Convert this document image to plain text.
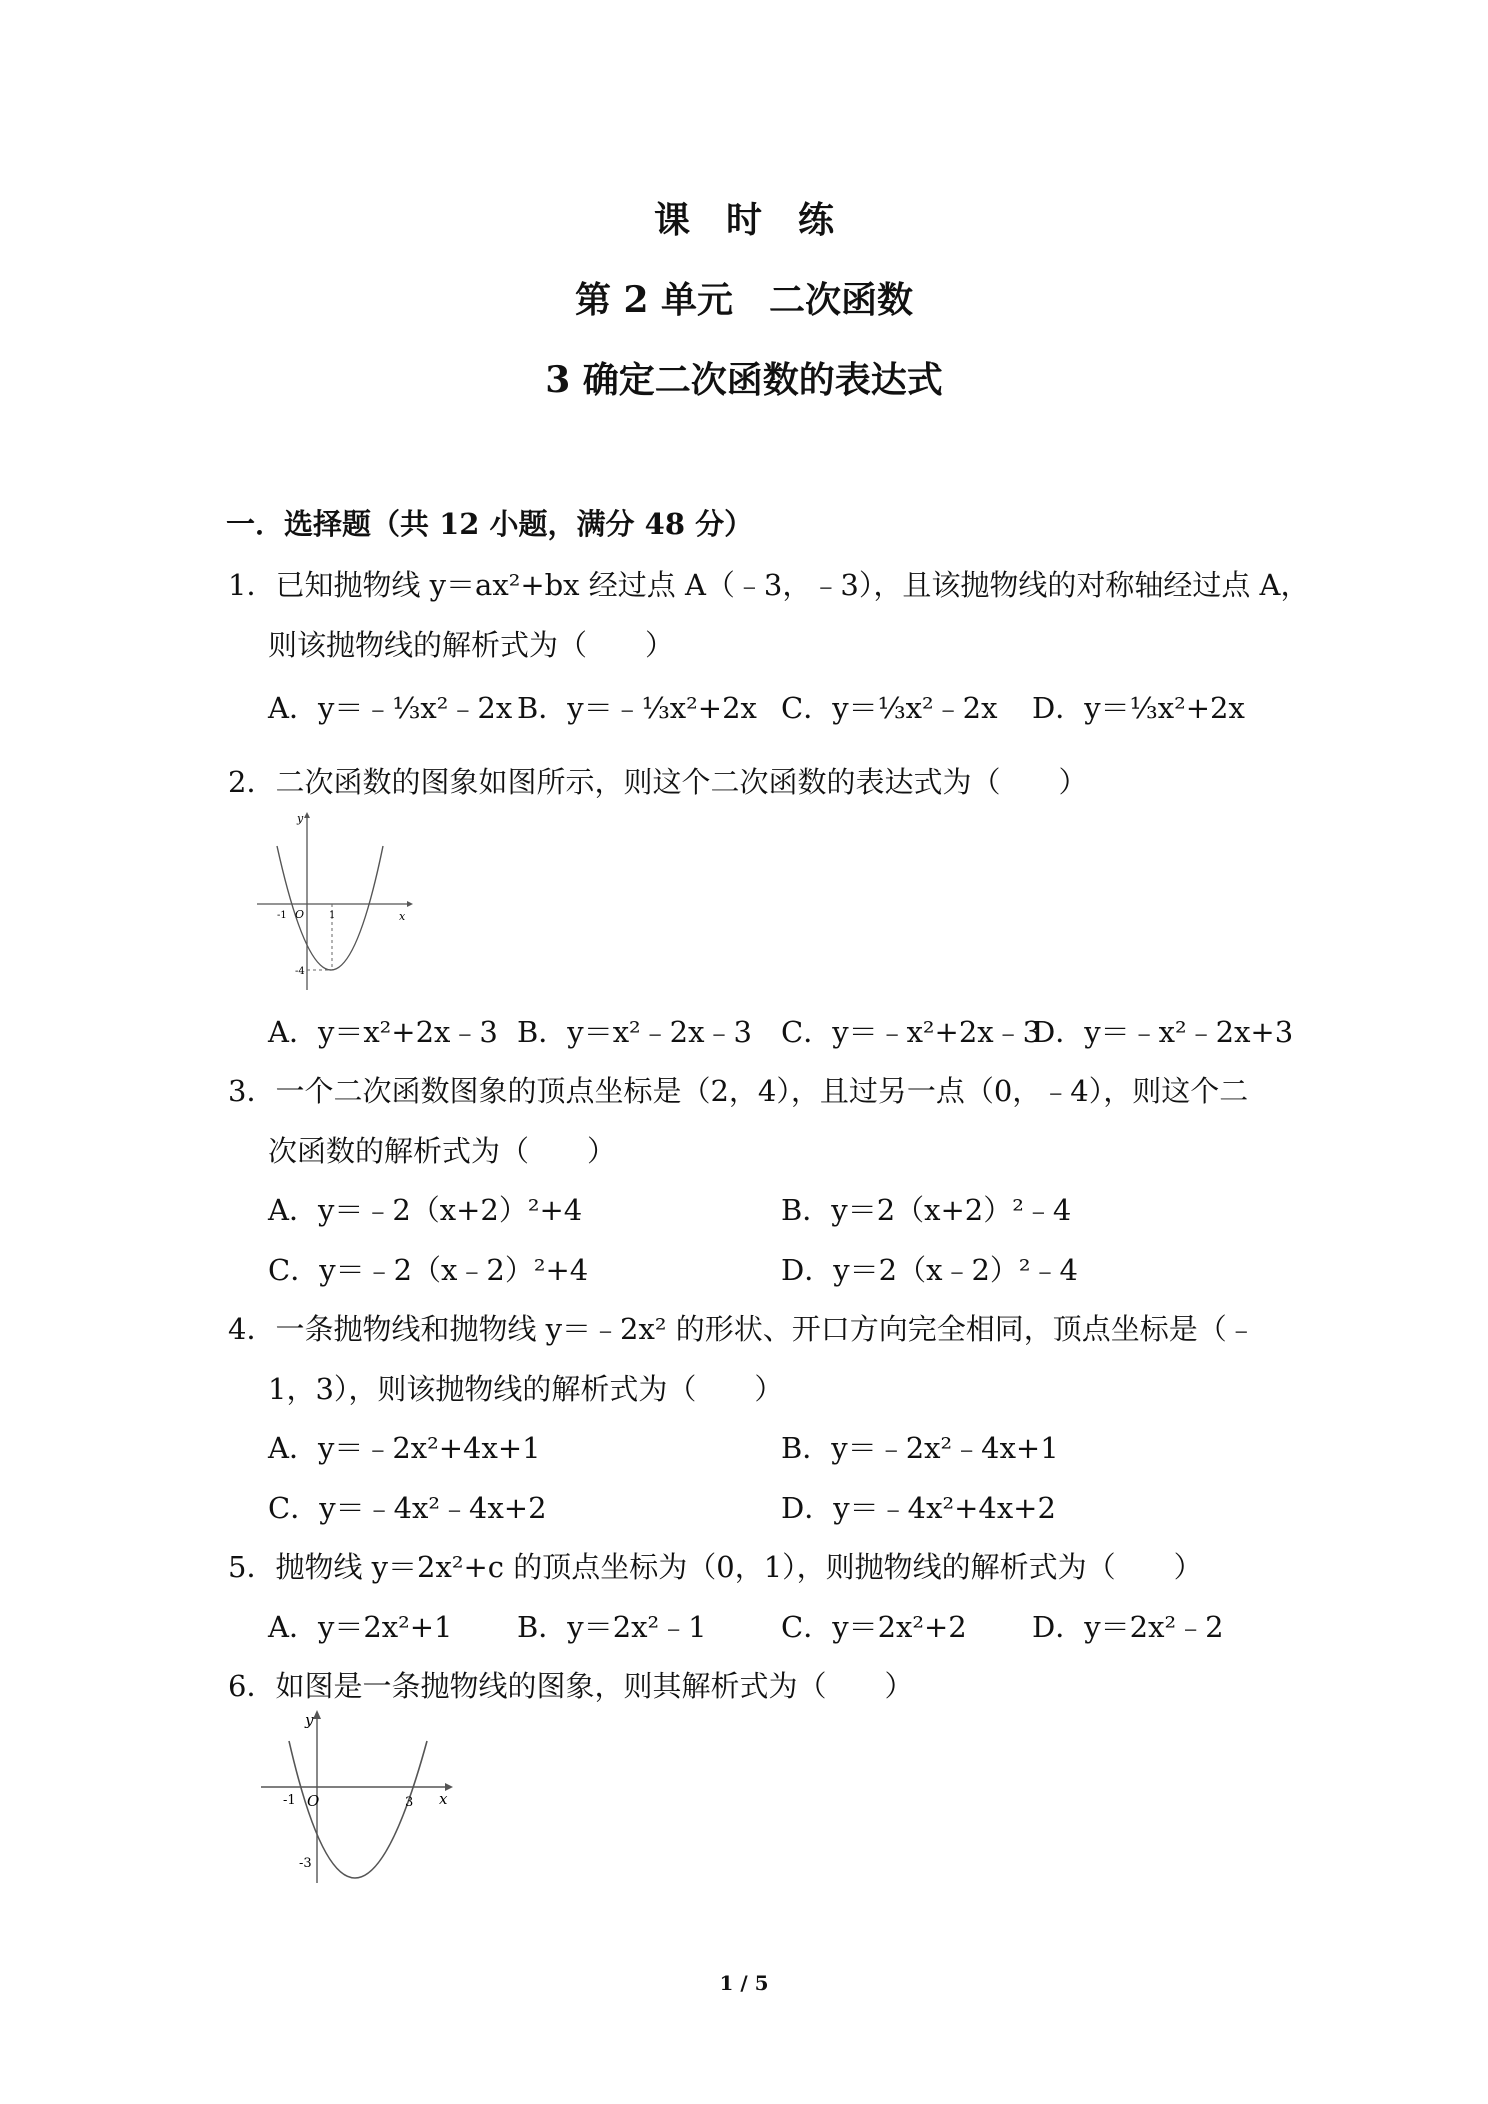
课　时　练
第 2 单元　二次函数
3 确定二次函数的表达式
一．选择题（共 12 小题，满分 48 分）
1．已知抛物线 y＝ax²+bx 经过点 A（﹣3，﹣3），且该抛物线的对称轴经过点 A，
则该抛物线的解析式为（　　）
A．y＝﹣⅓x²﹣2x B．y＝﹣⅓x²+2x C．y＝⅓x²﹣2x D．y＝⅓x²+2x
2．二次函数的图象如图所示，则这个二次函数的表达式为（　　）
y
x
O
-1	1
-4
A．y＝x²+2x﹣3 B．y＝x²﹣2x﹣3 C．y＝﹣x²+2x﹣3
D．y＝﹣x²﹣2x+3
3．一个二次函数图象的顶点坐标是（2，4），且过另一点（0，﹣4），则这个二
次函数的解析式为（　　）
A．y＝﹣2（x+2）²+4	B．y＝2（x+2）²﹣4
C．y＝﹣2（x﹣2）²+4	D．y＝2（x﹣2）²﹣4
4．一条抛物线和抛物线 y＝﹣2x² 的形状、开口方向完全相同，顶点坐标是（﹣
1，3），则该抛物线的解析式为（　　）
A．y＝﹣2x²+4x+1	B．y＝﹣2x²﹣4x+1
C．y＝﹣4x²﹣4x+2	D．y＝﹣4x²+4x+2
5．抛物线 y＝2x²+c 的顶点坐标为（0，1），则抛物线的解析式为（　　）
A．y＝2x²+1 B．y＝2x²﹣1	C．y＝2x²+2 D．y＝2x²﹣2
6．如图是一条抛物线的图象，则其解析式为（　　）
y
x
O
-1	3
-3
1 / 5
